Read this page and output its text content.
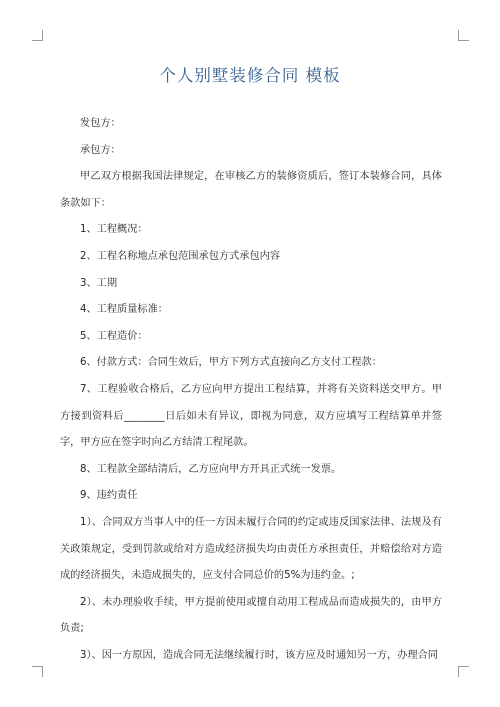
个人别墅装修合同 模板

发包方：

承包方：

甲乙双方根据我国法律规定，在审核乙方的装修资质后，签订本装修合同，具体条款如下：

1、工程概况：

2、工程名称地点承包范围承包方式承包内容

3、工期

4、工程质量标准：

5、工程造价：

6、付款方式：合同生效后，甲方下列方式直接向乙方支付工程款：

7、工程验收合格后，乙方应向甲方提出工程结算，并将有关资料送交甲方。甲方接到资料后________日后如未有异议，即视为同意，双方应填写工程结算单并签字，甲方应在签字时向乙方结清工程尾款。

8、工程款全部结清后，乙方应向甲方开具正式统一发票。

9、违约责任

1）、合同双方当事人中的任一方因未履行合同的约定或违反国家法律、法规及有关政策规定，受到罚款或给对方造成经济损失均由责任方承担责任，并赔偿给对方造成的经济损失，未造成损失的，应支付合同总价的5%为违约金。;

2）、未办理验收手续，甲方提前使用或擅自动用工程成品而造成损失的，由甲方负责;

3）、因一方原因，造成合同无法继续履行时，该方应及时通知另一方，办理合同
